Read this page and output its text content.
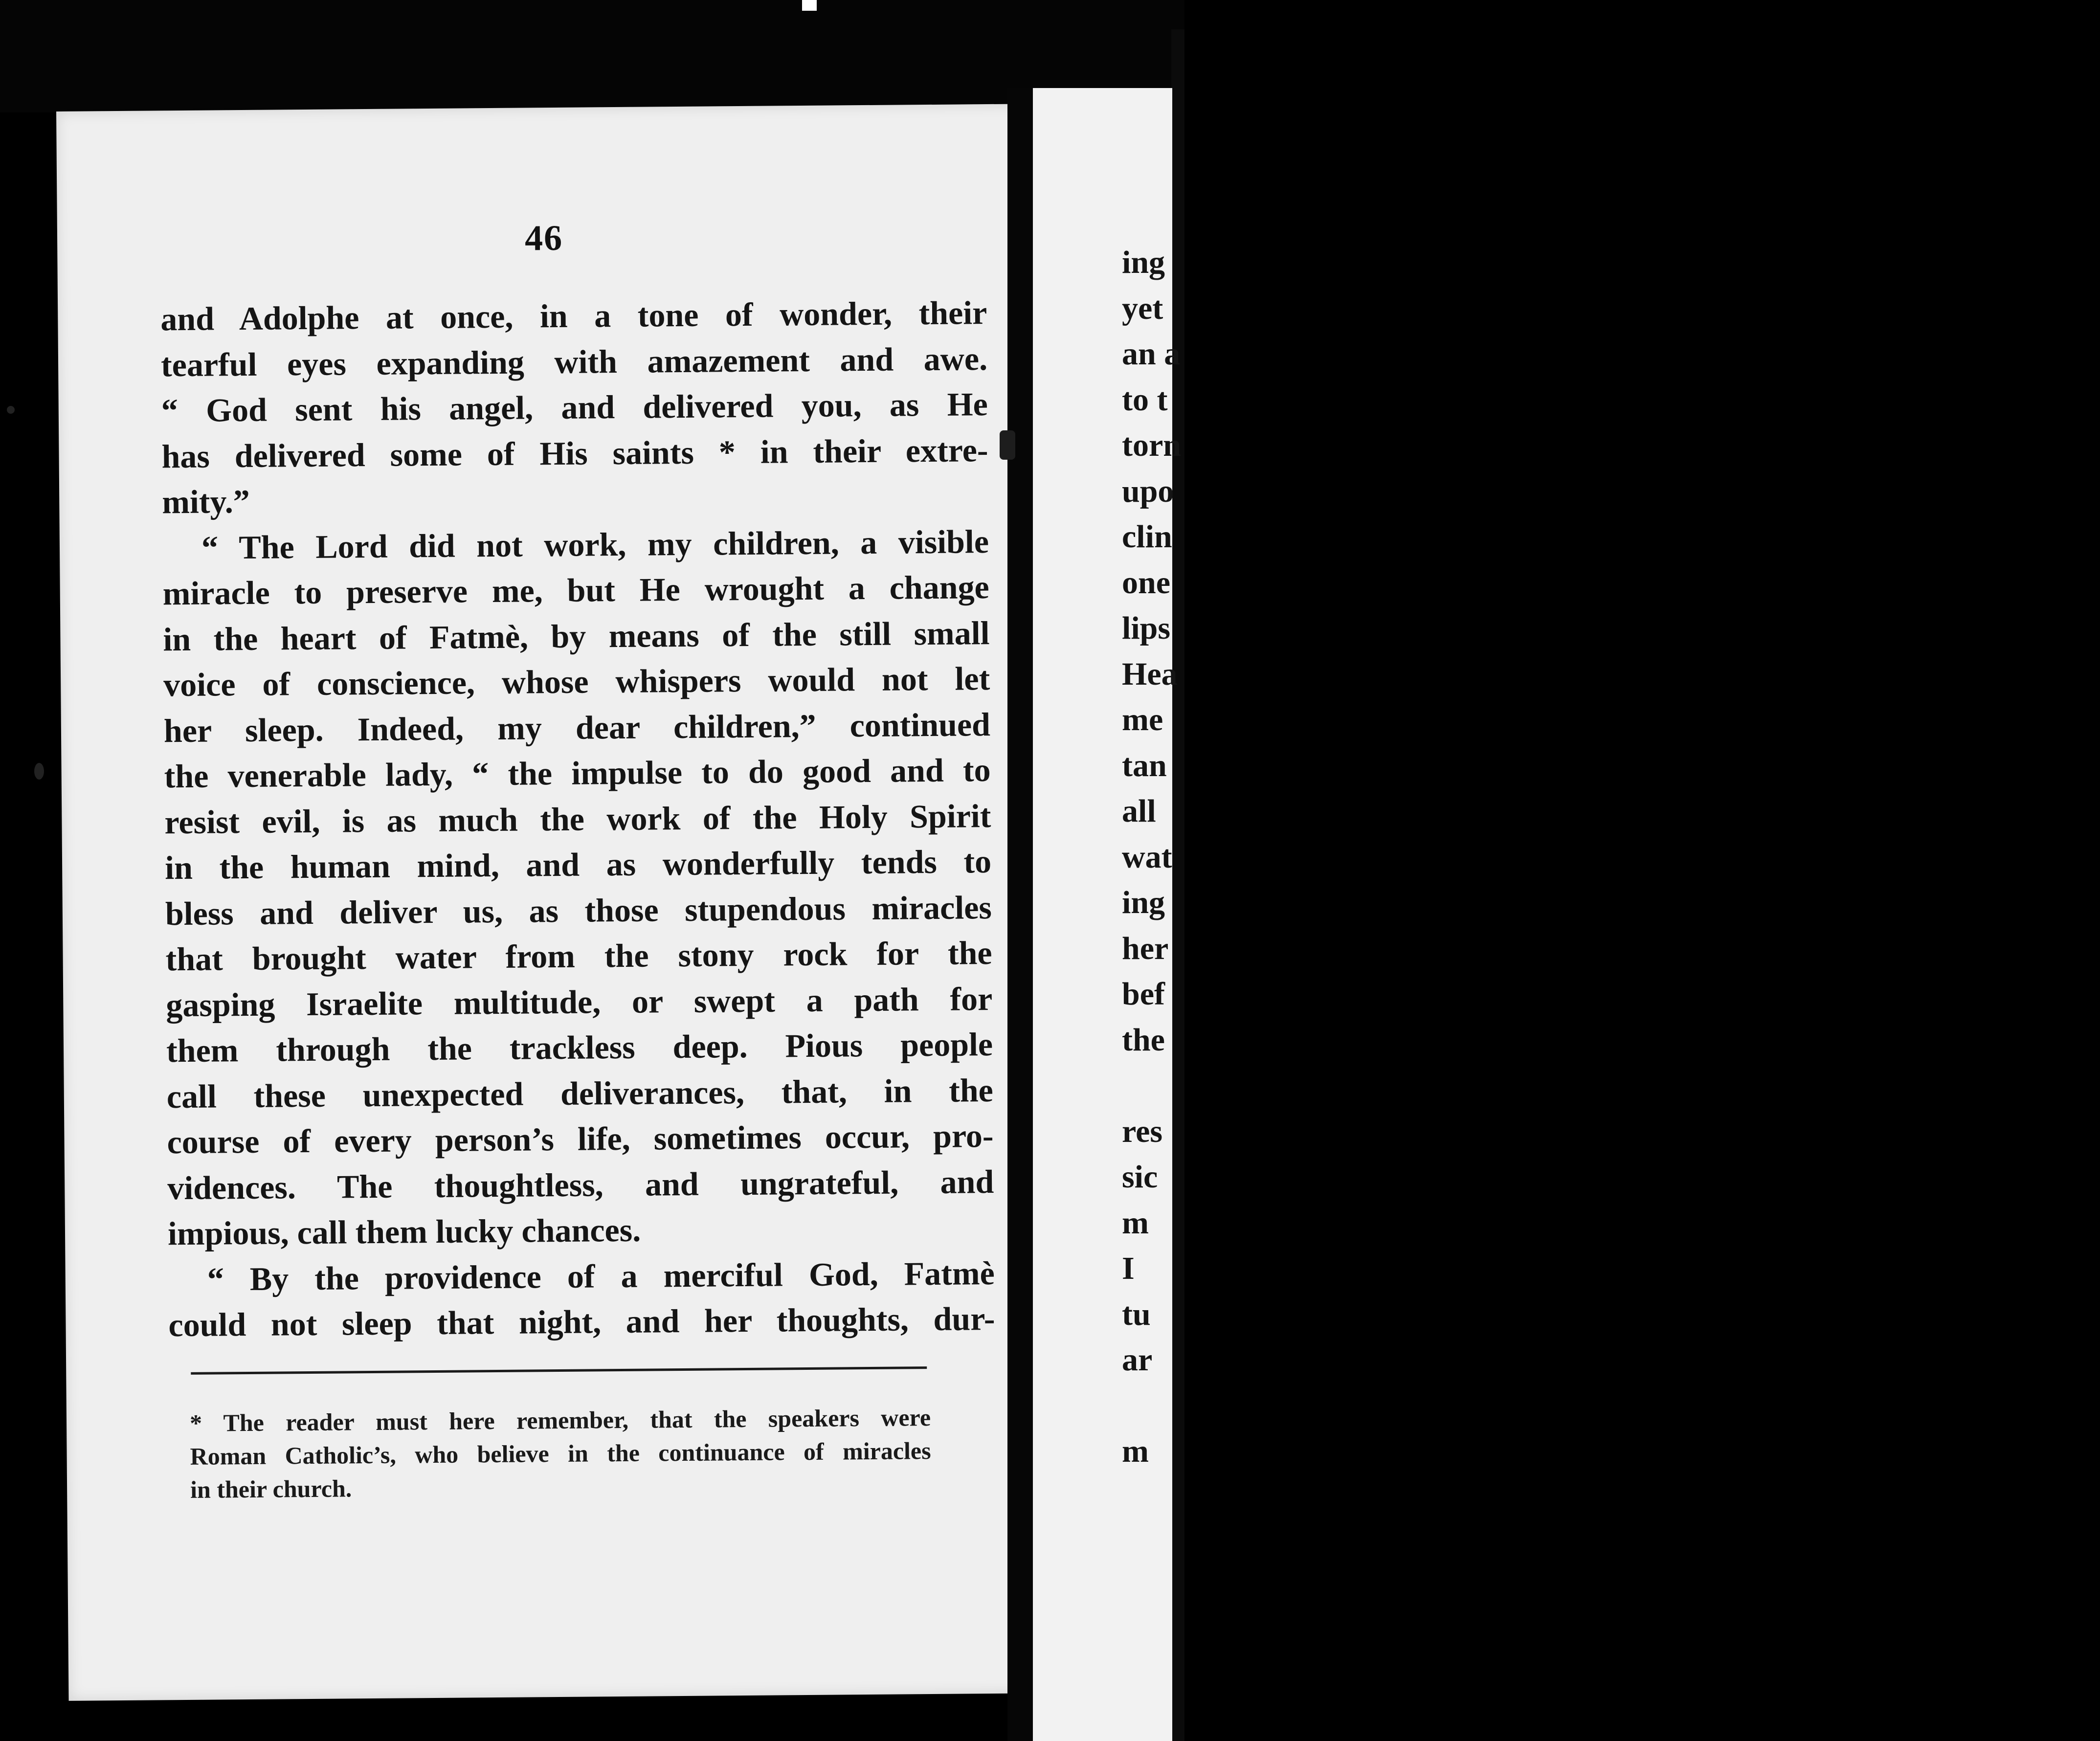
46
and Adolphe at once, in a tone of wonder, their
tearful eyes expanding with amazement and awe.
“ God sent his angel, and delivered you, as He
has delivered some of His saints * in their extre-
mity.”
“ The Lord did not work, my children, a visible
miracle to preserve me, but He wrought a change
in the heart of Fatmè, by means of the still small
voice of conscience, whose whispers would not let
her sleep. Indeed, my dear children,” continued
the venerable lady, “ the impulse to do good and to
resist evil, is as much the work of the Holy Spirit
in the human mind, and as wonderfully tends to
bless and deliver us, as those stupendous miracles
that brought water from the stony rock for the
gasping Israelite multitude, or swept a path for
them through the trackless deep. Pious people
call these unexpected deliverances, that, in the
course of every person’s life, sometimes occur, pro-
vidences. The thoughtless, and ungrateful, and
impious, call them lucky chances.
“ By the providence of a merciful God, Fatmè
could not sleep that night, and her thoughts, dur-
* The reader must here remember, that the speakers were
Roman Catholic’s, who believe in the continuance of miracles
in their church.
ing
yet
an a
to t
torn
upo
clin
one
lips
Hea
me
tan
all
wat
ing
her
bef
the
res
sic
m
I
tu
ar
m
